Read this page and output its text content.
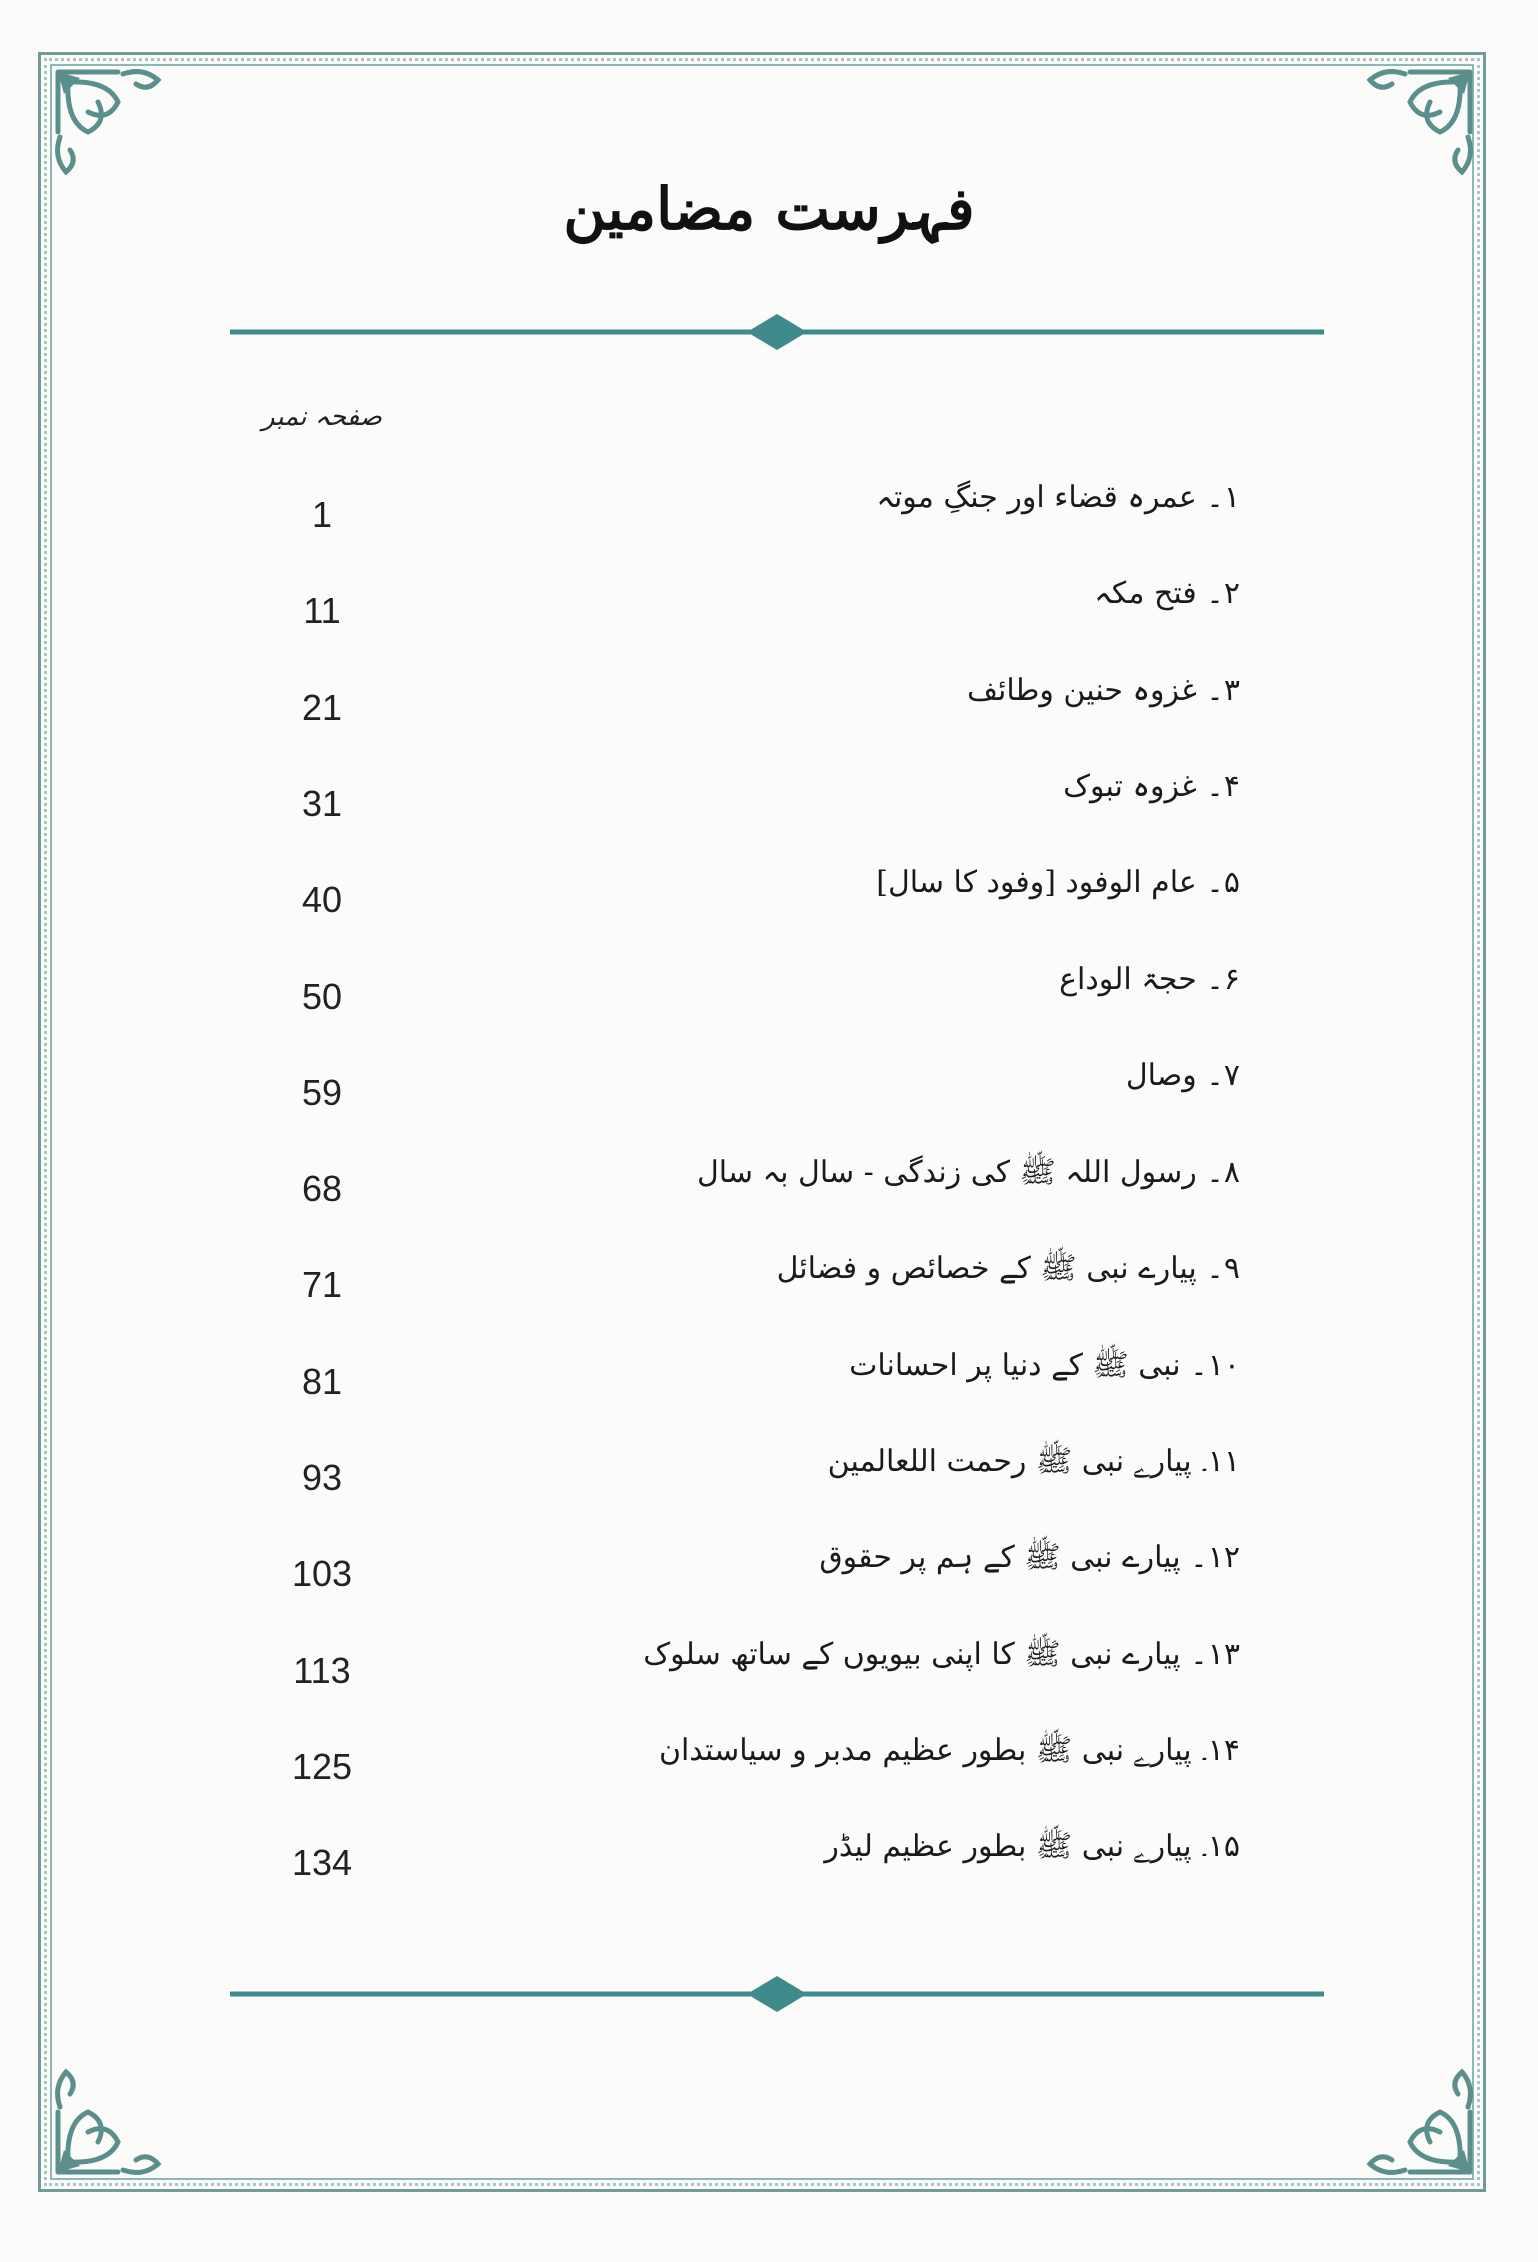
فہرست مضامین
صفحہ نمبر
۱۔ عمرہ قضاء اور جنگِ موتہ
1
۲۔ فتح مکہ
11
۳۔ غزوہ حنین وطائف
21
۴۔ غزوہ تبوک
31
۵۔ عام الوفود [وفود کا سال]
40
۶۔ حجۃ الوداع
50
۷۔ وصال
59
۸۔ رسول اللہ ﷺ کی زندگی - سال بہ سال
68
۹۔ پیارے نبی ﷺ کے خصائص و فضائل
71
۱۰۔ نبی ﷺ کے دنیا پر احسانات
81
۱۱۔ پیارے نبی ﷺ رحمت اللعالمین
93
۱۲۔ پیارے نبی ﷺ کے ہم پر حقوق
103
۱۳۔ پیارے نبی ﷺ کا اپنی بیویوں کے ساتھ سلوک
113
۱۴۔ پیارے نبی ﷺ بطور عظیم مدبر و سیاستدان
125
۱۵۔ پیارے نبی ﷺ بطور عظیم لیڈر
134
